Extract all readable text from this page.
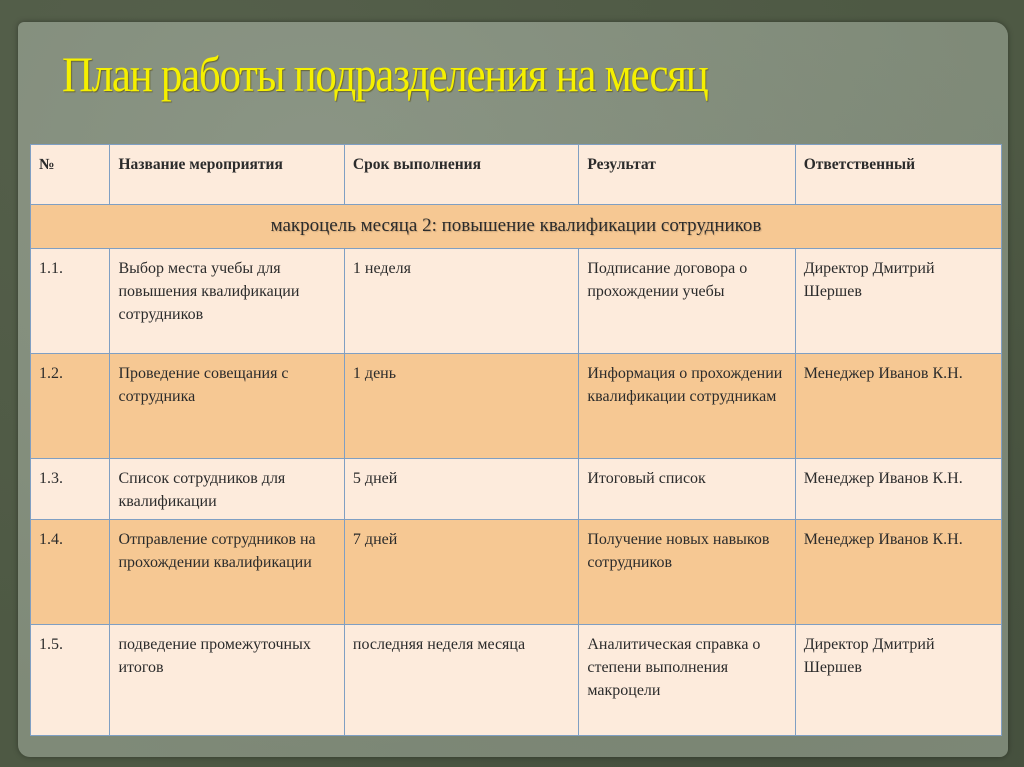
План работы подразделения на месяц
№	Название мероприятия	Срок выполнения	Результат	Ответственный
макроцель месяца 2: повышение квалификации сотрудников				
1.1.	Выбор места учебы для повышения квалификации сотрудников	1 неделя	Подписание договора о прохождении учебы	Директор Дмитрий Шершев
1.2.	Проведение совещания с сотрудника	1 день	Информация о прохождении квалификации сотрудникам	Менеджер Иванов К.Н.
1.3.	Список сотрудников для квалификации	5 дней	Итоговый список	Менеджер Иванов К.Н.
1.4.	Отправление сотрудников на прохождении квалификации	7 дней	Получение новых навыков сотрудников	Менеджер Иванов К.Н.
1.5.	подведение промежуточных итогов	последняя неделя месяца	Аналитическая справка о степени выполнения макроцели	Директор Дмитрий Шершев
